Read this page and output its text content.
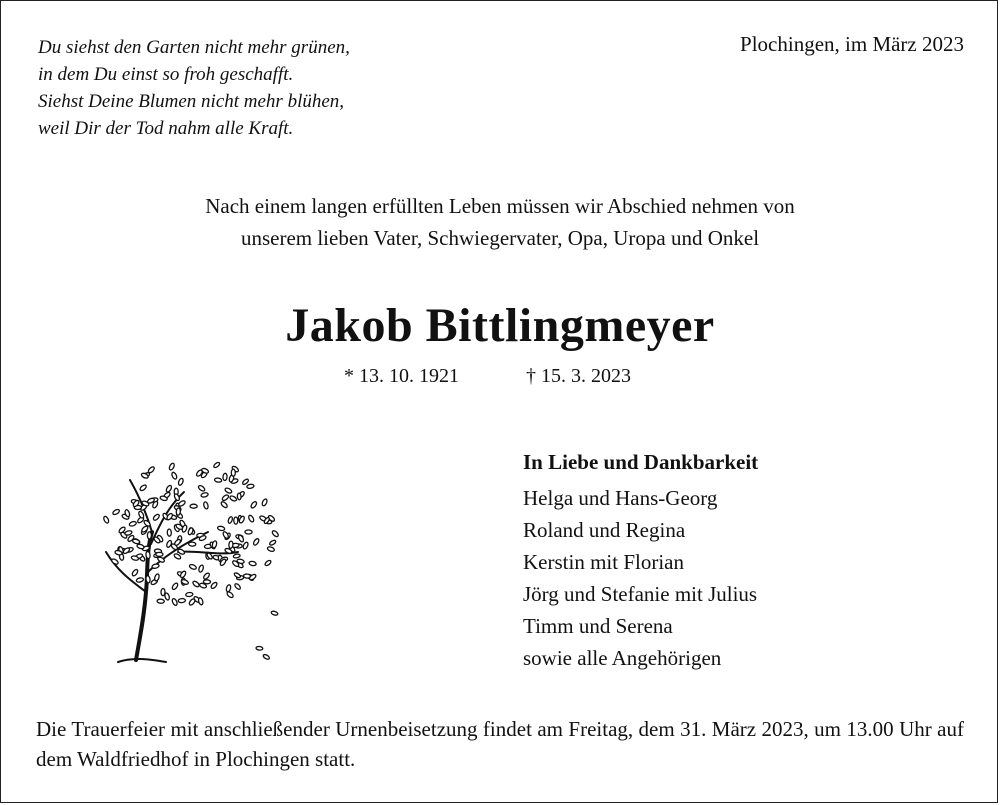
Du siehst den Garten nicht mehr grünen,
in dem Du einst so froh geschafft.
Siehst Deine Blumen nicht mehr blühen,
weil Dir der Tod nahm alle Kraft.
Plochingen, im März 2023
Nach einem langen erfüllten Leben müssen wir Abschied nehmen von
unserem lieben Vater, Schwiegervater, Opa, Uropa und Onkel
Jakob Bittlingmeyer
* 13. 10. 1921	† 15. 3. 2023
In Liebe und Dankbarkeit
Helga und Hans-Georg
Roland und Regina
Kerstin mit Florian
Jörg und Stefanie mit Julius
Timm und Serena
sowie alle Angehörigen
Die Trauerfeier mit anschließender Urnenbeisetzung findet am Freitag, dem 31. März 2023, um 13.00 Uhr auf dem Waldfriedhof in Plochingen statt.
